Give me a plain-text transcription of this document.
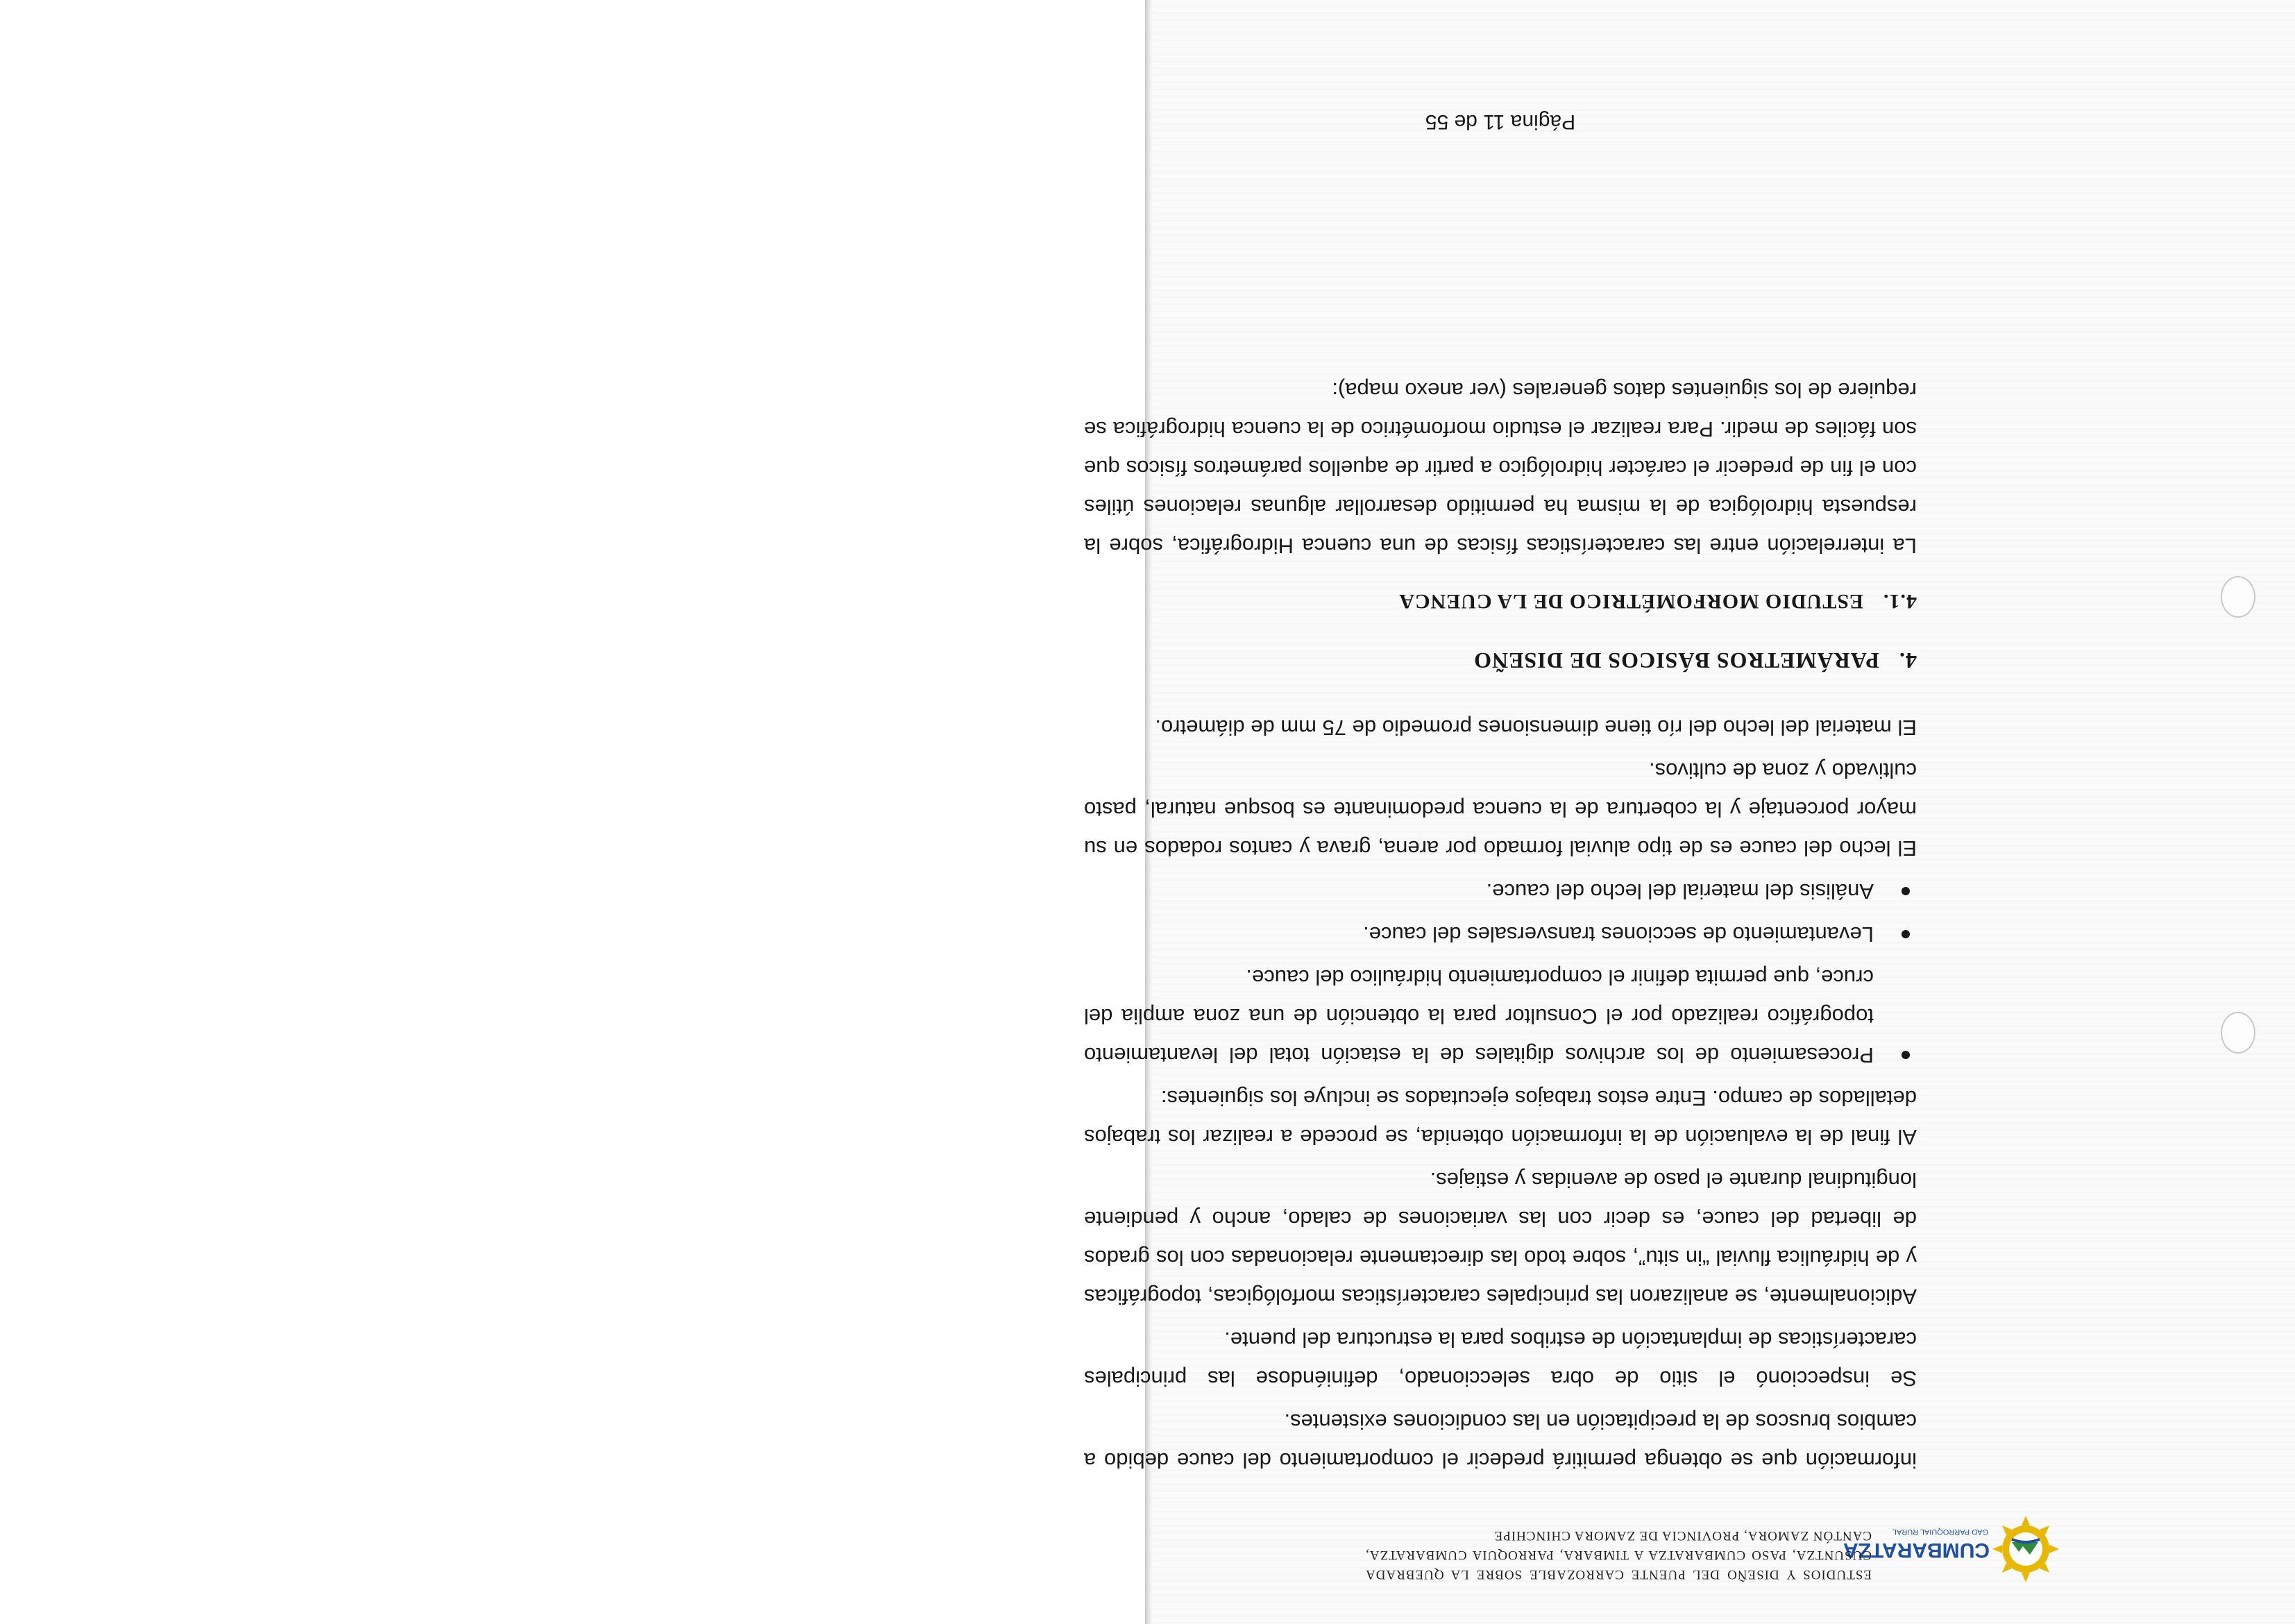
CUMBARATZA
GAD PARROQUIAL RURAL
ESTUDIOS Y DISEÑO DEL PUENTE CARROZABLE SOBRE LA QUEBRADA CUSUNTZA, PASO CUMBARATZA A TIMBARA, PARROQUIA CUMBARATZA, CANTÓN ZAMORA, PROVINCIA DE ZAMORA CHINCHIPE

información que se obtenga permitirá predecir el comportamiento del cauce debido a cambios bruscos de la precipitación en las condiciones existentes.

Se inspeccionó el sitio de obra seleccionado, definiéndose las principales características de implantación de estribos para la estructura del puente.

Adicionalmente, se analizaron las principales características morfológicas, topográficas y de hidráulica fluvial “in situ”, sobre todo las directamente relacionadas con los grados de libertad del cauce, es decir con las variaciones de calado, ancho y pendiente longitudinal durante el paso de avenidas y estiajes.

Al final de la evaluación de la información obtenida, se procede a realizar los trabajos detallados de campo. Entre estos trabajos ejecutados se incluye los siguientes:

Procesamiento de los archivos digitales de la estación total del levantamiento topográfico realizado por el Consultor para la obtención de una zona amplia del cruce, que permita definir el comportamiento hidráulico del cauce.
Levantamiento de secciones transversales del cauce.
Análisis del material del lecho del cauce.

El lecho del cauce es de tipo aluvial formado por arena, grava y cantos rodados en su mayor porcentaje y la cobertura de la cuenca predominante es bosque natural, pasto cultivado y zona de cultivos.

El material del lecho del río tiene dimensiones promedio de 75 mm de diámetro.

4.PARÁMETROS BÁSICOS DE DISEÑO
4.1.ESTUDIO MORFOMÉTRICO DE LA CUENCA

La interrelación entre las características físicas de una cuenca Hidrográfica, sobre la respuesta hidrológica de la misma ha permitido desarrollar algunas relaciones útiles con el fin de predecir el carácter hidrológico a partir de aquellos parámetros físicos que son fáciles de medir. Para realizar el estudio morfométrico de la cuenca hidrográfica se requiere de los siguientes datos generales (ver anexo mapa):

Página 11 de 55
